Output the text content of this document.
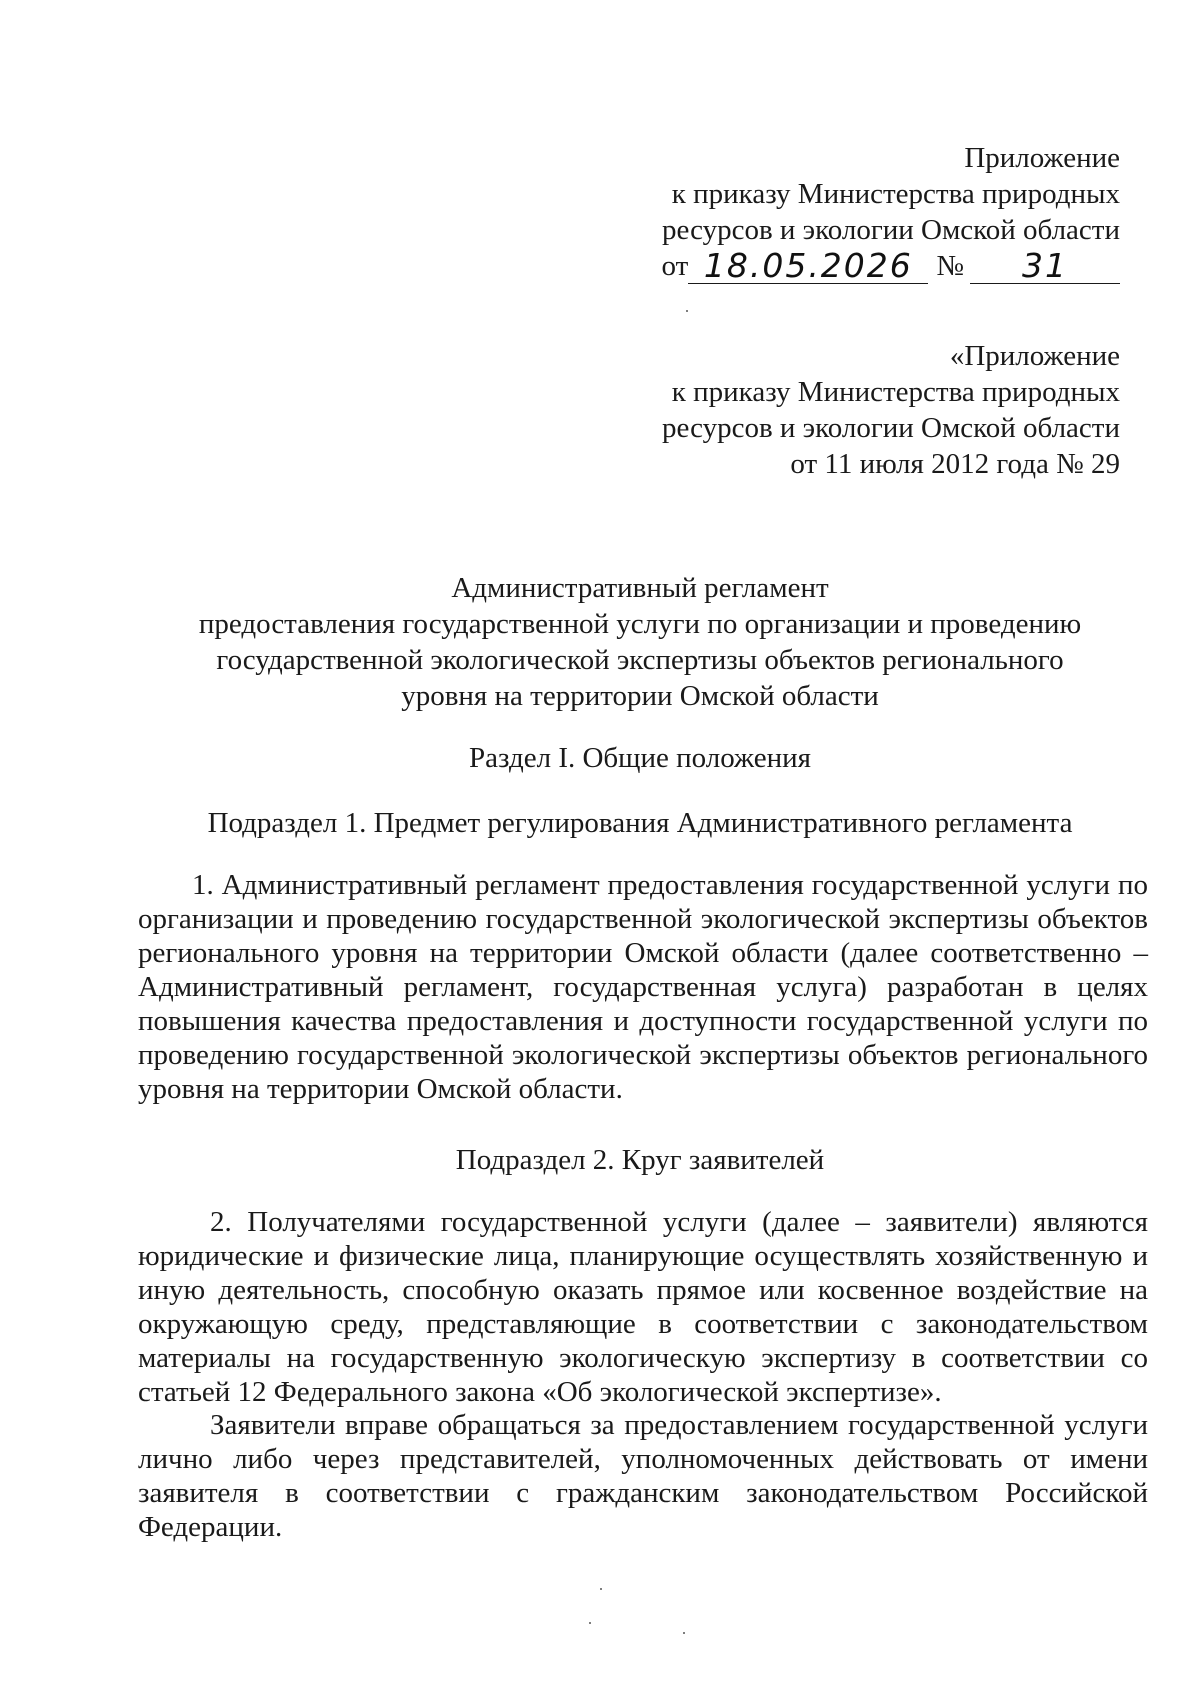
Приложение
к приказу Министерства природных
ресурсов и экологии Омской области
от 18.05.2026 №	31
«Приложение
к приказу Министерства природных
ресурсов и экологии Омской области
от 11 июля 2012 года № 29
Административный регламент
предоставления государственной услуги по организации и проведению
государственной экологической экспертизы объектов регионального
уровня на территории Омской области
Раздел I. Общие положения
Подраздел 1. Предмет регулирования Административного регламента

1. Административный регламент предоставления государственной услуги по организации и проведению государственной экологической экспертизы объектов регионального уровня на территории Омской области (далее соответственно – Административный регламент, государственная услуга) разработан в целях повышения качества предоставления и доступности государственной услуги по проведению государственной экологической экспертизы объектов регионального уровня на территории Омской области.

Подраздел 2. Круг заявителей

2. Получателями государственной услуги (далее – заявители) являются юридические и физические лица, планирующие осуществлять хозяйственную и иную деятельность, способную оказать прямое или косвенное воздействие на окружающую среду, представляющие в соответствии с законодательством материалы на государственную экологическую экспертизу в соответствии со статьей 12 Федерального закона «Об экологической экспертизе».

Заявители вправе обращаться за предоставлением государственной услуги лично либо через представителей, уполномоченных действовать от имени заявителя в соответствии с гражданским законодательством Российской Федерации.
